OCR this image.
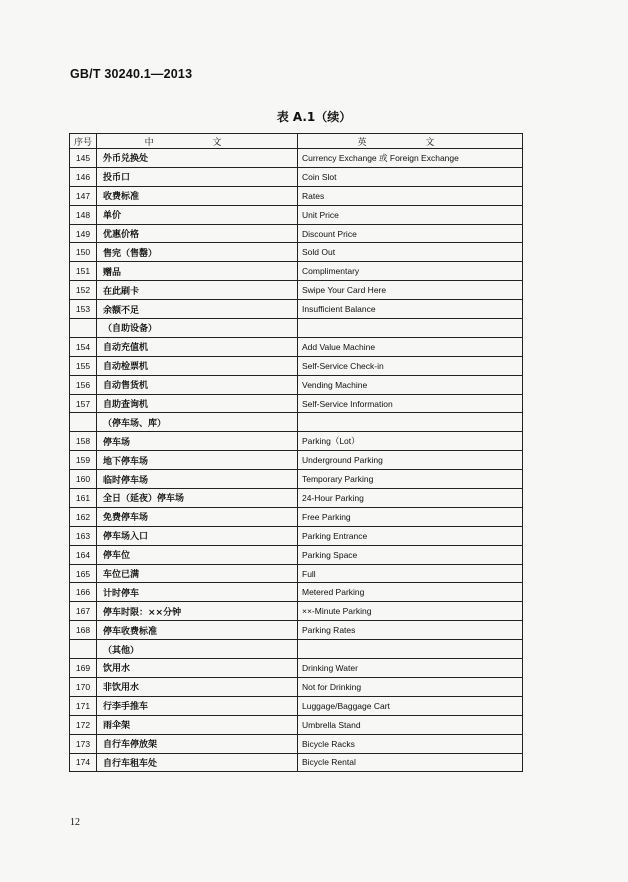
GB/T 30240.1—2013
表 A.1（续）
序号	中 文	英 文
145	外币兑换处	Currency Exchange 或 Foreign Exchange
146	投币口	Coin Slot
147	收费标准	Rates
148	单价	Unit Price
149	优惠价格	Discount Price
150	售完（售罄）	Sold Out
151	赠品	Complimentary
152	在此刷卡	Swipe Your Card Here
153	余额不足	Insufficient Balance
	（自助设备）	
154	自动充值机	Add Value Machine
155	自动检票机	Self-Service Check-in
156	自动售货机	Vending Machine
157	自助查询机	Self-Service Information
	（停车场、库）	
158	停车场	Parking（Lot）
159	地下停车场	Underground Parking
160	临时停车场	Temporary Parking
161	全日（延夜）停车场	24-Hour Parking
162	免费停车场	Free Parking
163	停车场入口	Parking Entrance
164	停车位	Parking Space
165	车位已满	Full
166	计时停车	Metered Parking
167	停车时限：××分钟	××-Minute Parking
168	停车收费标准	Parking Rates
	（其他）	
169	饮用水	Drinking Water
170	非饮用水	Not for Drinking
171	行李手推车	Luggage/Baggage Cart
172	雨伞架	Umbrella Stand
173	自行车停放架	Bicycle Racks
174	自行车租车处	Bicycle Rental
12
